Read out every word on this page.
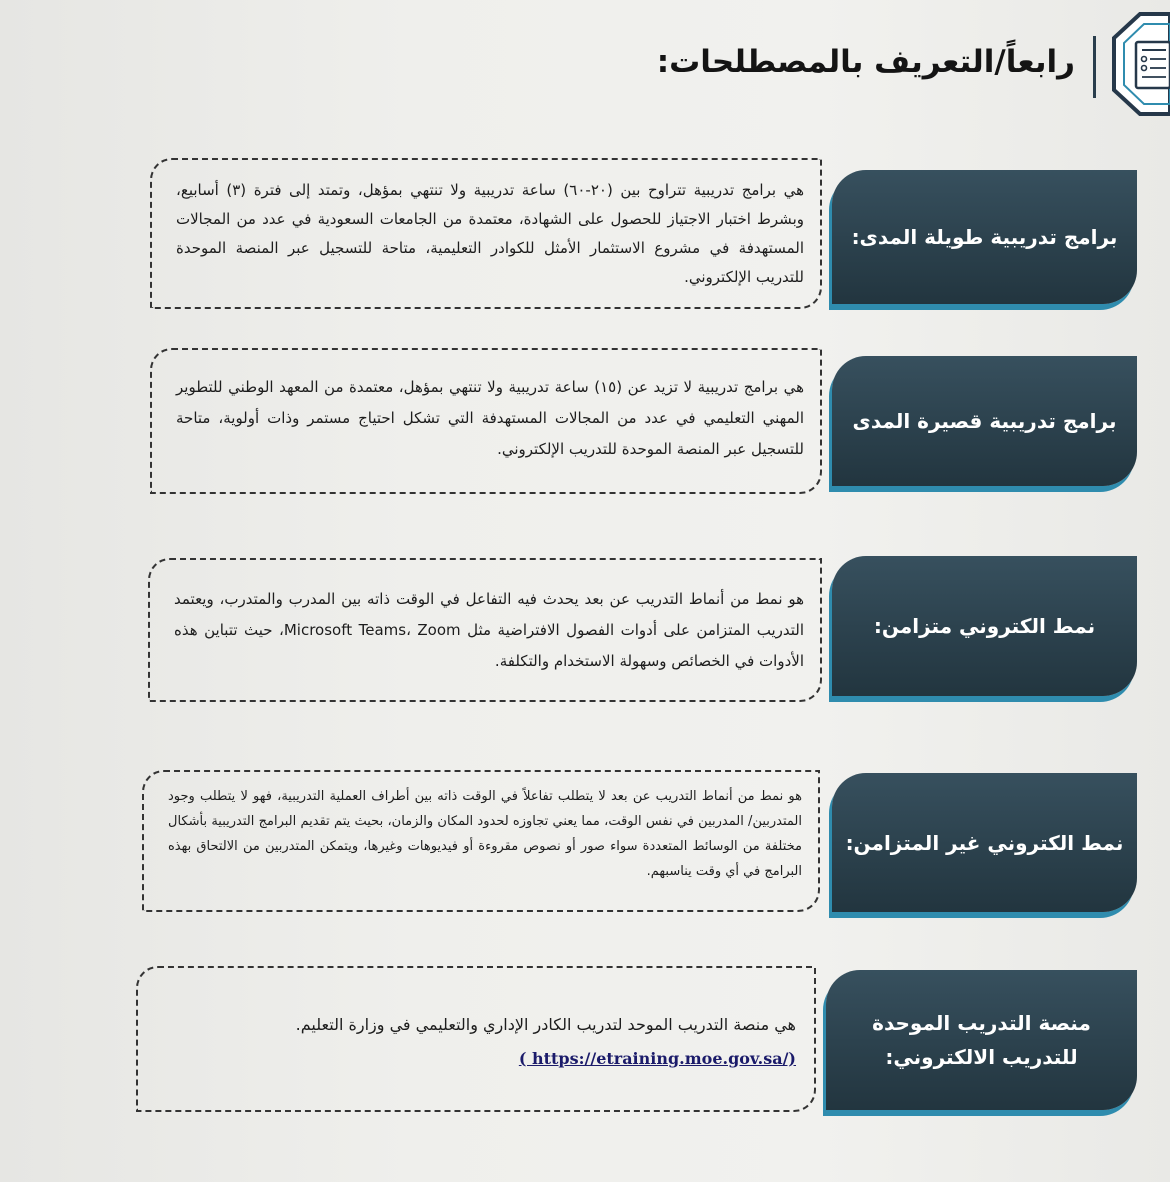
رابعاً/التعريف بالمصطلحات:
برامج تدريبية طويلة المدى:
هي برامج تدريبية تتراوح بين (٢٠-٦٠) ساعة تدريبية ولا تنتهي بمؤهل، وتمتد إلى فترة (٣) أسابيع، وبشرط اختبار الاجتياز للحصول على الشهادة، معتمدة من الجامعات السعودية في عدد من المجالات المستهدفة في مشروع الاستثمار الأمثل للكوادر التعليمية، متاحة للتسجيل عبر المنصة الموحدة للتدريب الإلكتروني.
برامج تدريبية قصيرة المدى
هي برامج تدريبية لا تزيد عن (١٥) ساعة تدريبية ولا تنتهي بمؤهل، معتمدة من المعهد الوطني للتطوير المهني التعليمي في عدد من المجالات المستهدفة التي تشكل احتياج مستمر وذات أولوية، متاحة للتسجيل عبر المنصة الموحدة للتدريب الإلكتروني.
نمط الكتروني متزامن:
هو نمط من أنماط التدريب عن بعد يحدث فيه التفاعل في الوقت ذاته بين المدرب والمتدرب، ويعتمد التدريب المتزامن على أدوات الفصول الافتراضية مثل Microsoft Teams، Zoom، حيث تتباين هذه الأدوات في الخصائص وسهولة الاستخدام والتكلفة.
نمط الكتروني غير المتزامن:
هو نمط من أنماط التدريب عن بعد لا يتطلب تفاعلاً في الوقت ذاته بين أطراف العملية التدريبية، فهو لا يتطلب وجود المتدربين/ المدربين في نفس الوقت، مما يعني تجاوزه لحدود المكان والزمان، بحيث يتم تقديم البرامج التدريبية بأشكال مختلفة من الوسائط المتعددة سواء صور أو نصوص مقروءة أو فيديوهات وغيرها، ويتمكن المتدربين من الالتحاق بهذه البرامج في أي وقت يناسبهم.
منصة التدريب الموحدة للتدريب الالكتروني:
هي منصة التدريب الموحد لتدريب الكادر الإداري والتعليمي في وزارة التعليم.
( https://etraining.moe.gov.sa/)
